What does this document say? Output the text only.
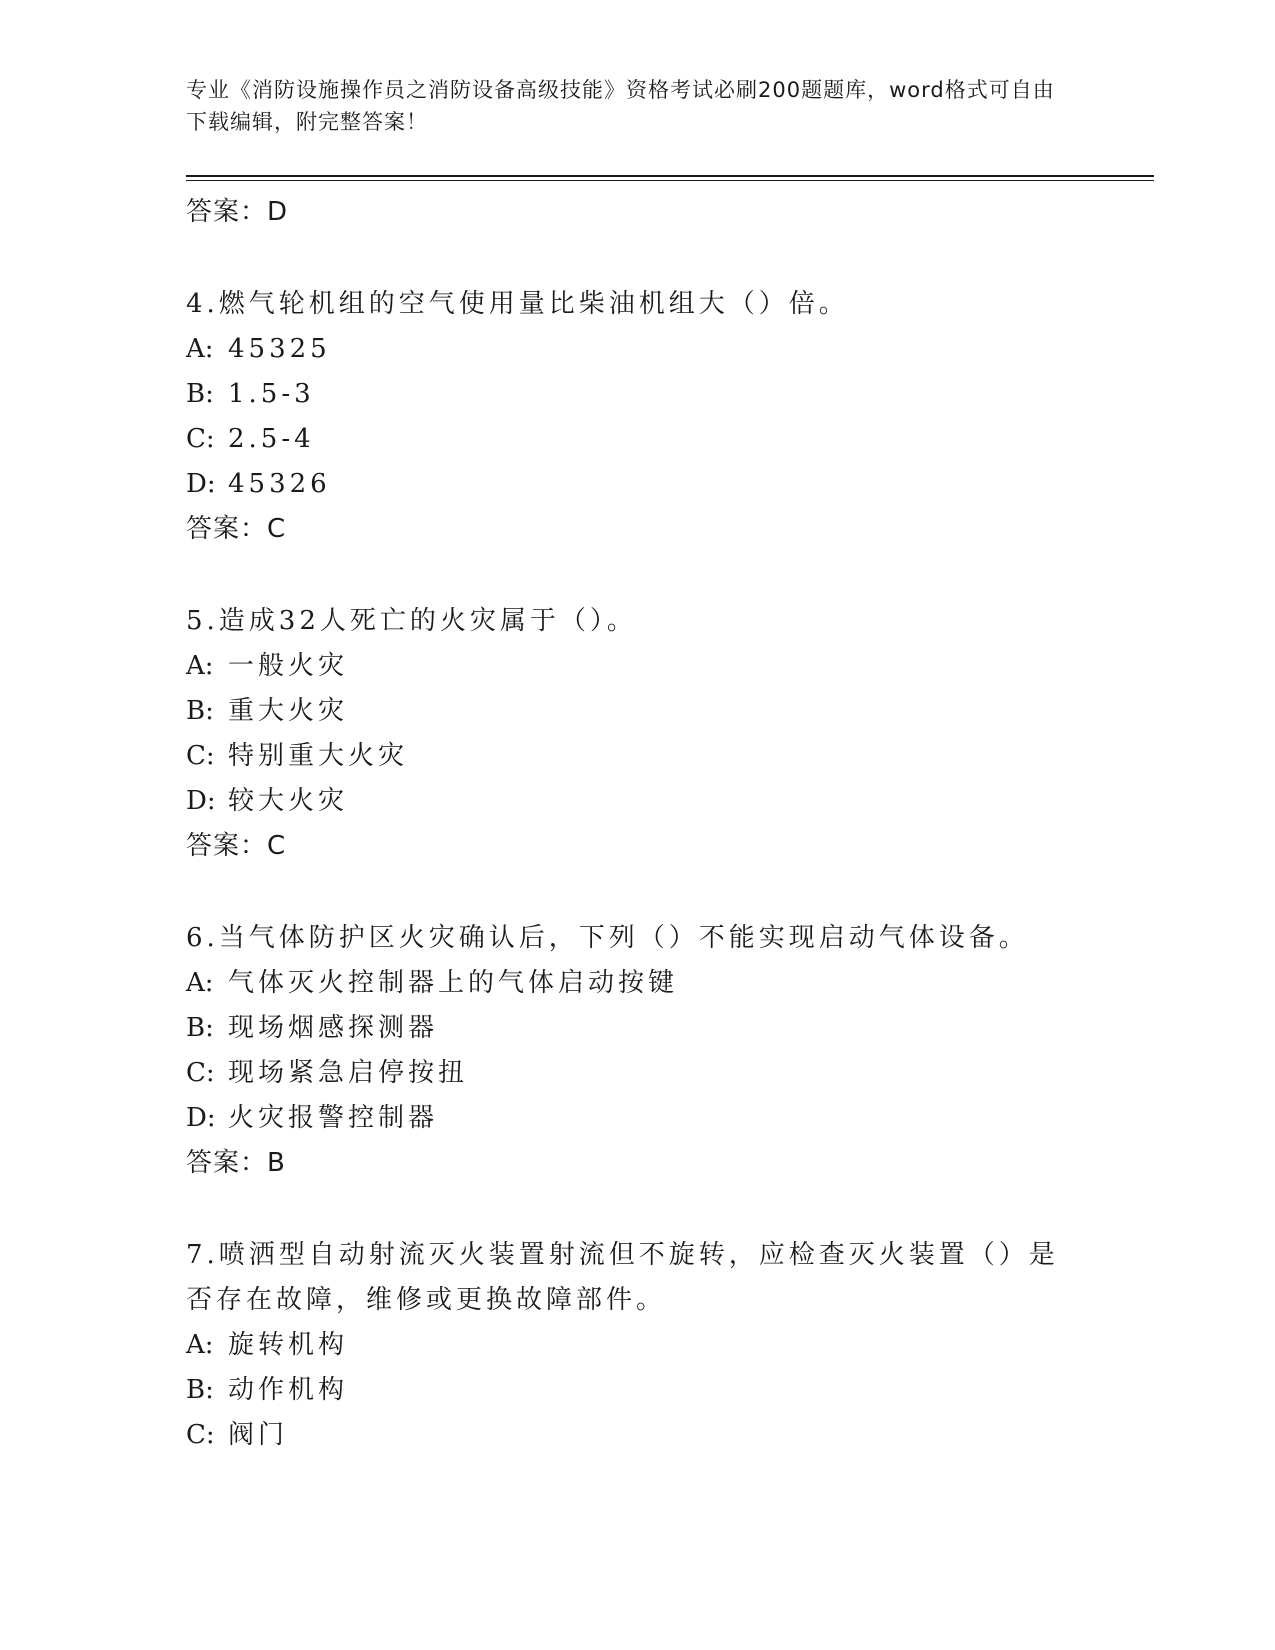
专业《消防设施操作员之消防设备高级技能》资格考试必刷200题题库，word格式可自由下载编辑，附完整答案！
答案：D
4.燃气轮机组的空气使用量比柴油机组大（）倍。
A: 45325
B: 1.5-3
C: 2.5-4
D: 45326
答案：C
5.造成32人死亡的火灾属于（）。
A: 一般火灾
B: 重大火灾
C: 特别重大火灾
D: 较大火灾
答案：C
6.当气体防护区火灾确认后，下列（）不能实现启动气体设备。
A: 气体灭火控制器上的气体启动按键
B: 现场烟感探测器
C: 现场紧急启停按扭
D: 火灾报警控制器
答案：B
7.喷洒型自动射流灭火装置射流但不旋转，应检查灭火装置（）是否存在故障，维修或更换故障部件。
A: 旋转机构
B: 动作机构
C: 阀门
